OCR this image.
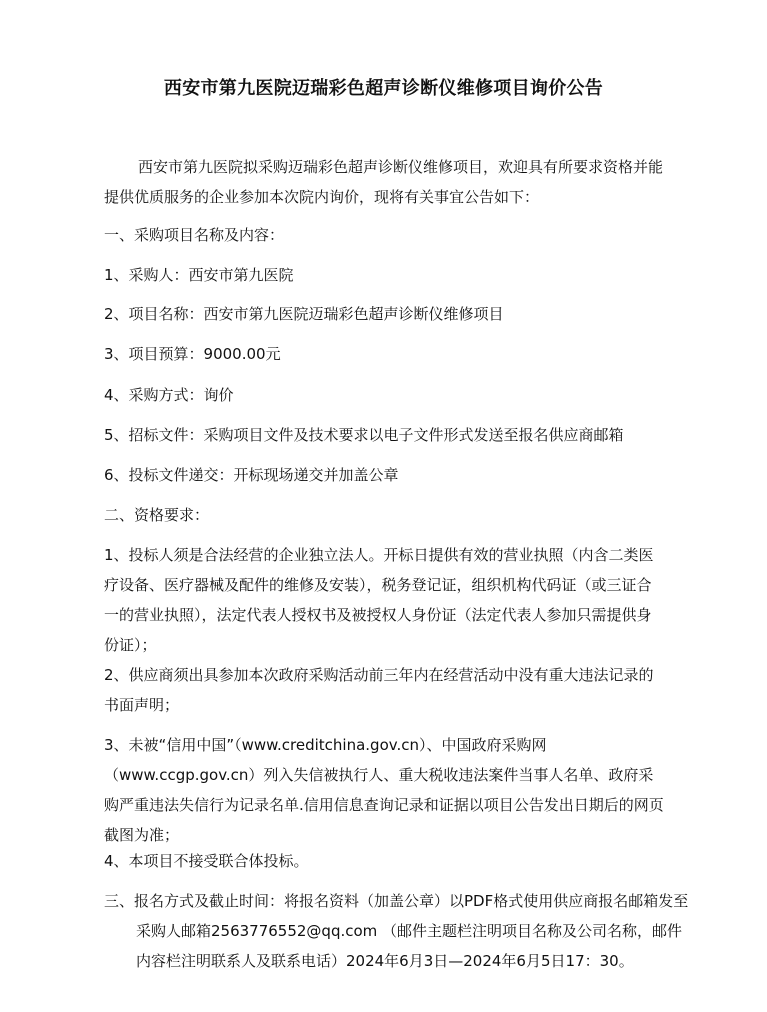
西安市第九医院迈瑞彩色超声诊断仪维修项目询价公告

西安市第九医院拟采购迈瑞彩色超声诊断仪维修项目，欢迎具有所要求资格并能提供优质服务的企业参加本次院内询价，现将有关事宜公告如下：

一、采购项目名称及内容：

1、采购人：西安市第九医院

2、项目名称：西安市第九医院迈瑞彩色超声诊断仪维修项目

3、项目预算：9000.00元

4、采购方式：询价

5、招标文件：采购项目文件及技术要求以电子文件形式发送至报名供应商邮箱

6、投标文件递交：开标现场递交并加盖公章

二、资格要求：

1、投标人须是合法经营的企业独立法人。开标日提供有效的营业执照（内含二类医疗设备、医疗器械及配件的维修及安装），税务登记证，组织机构代码证（或三证合一的营业执照），法定代表人授权书及被授权人身份证（法定代表人参加只需提供身份证）；

2、供应商须出具参加本次政府采购活动前三年内在经营活动中没有重大违法记录的书面声明；

3、未被“信用中国”（www.creditchina.gov.cn）、中国政府采购网（www.ccgp.gov.cn）列入失信被执行人、重大税收违法案件当事人名单、政府采购严重违法失信行为记录名单.信用信息查询记录和证据以项目公告发出日期后的网页截图为准；

4、本项目不接受联合体投标。

三、报名方式及截止时间：将报名资料（加盖公章）以PDF格式使用供应商报名邮箱发至采购人邮箱2563776552@qq.com （邮件主题栏注明项目名称及公司名称，邮件内容栏注明联系人及联系电话）2024年6月3日—2024年6月5日17：30。
